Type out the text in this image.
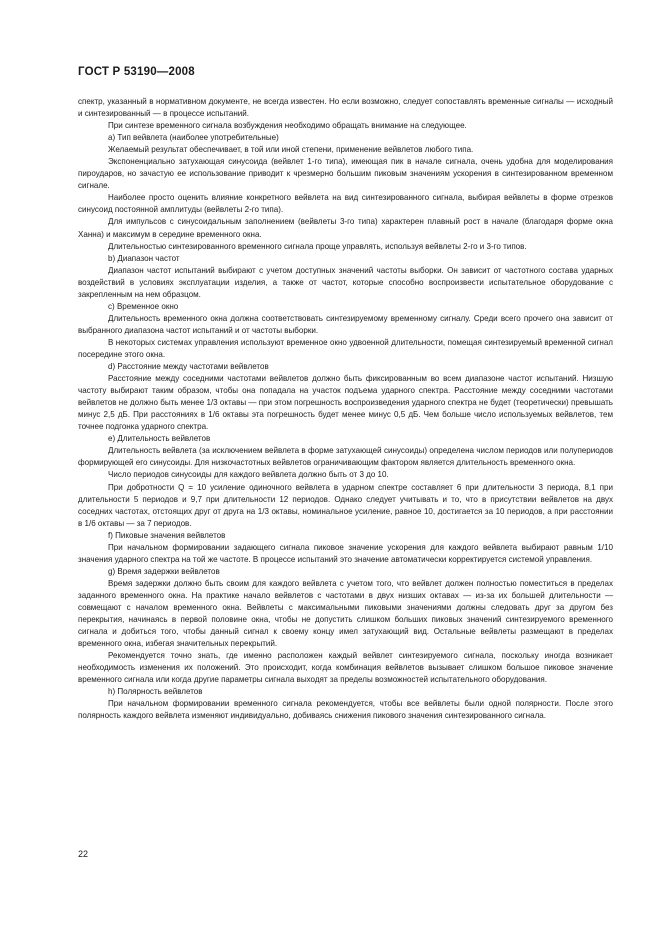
ГОСТ Р 53190—2008

спектр, указанный в нормативном документе, не всегда известен. Но если возможно, следует сопоставлять временные сигналы — исходный и синтезированный — в процессе испытаний.

При синтезе временного сигнала возбуждения необходимо обращать внимание на следующее.

а) Тип вейвлета (наиболее употребительные)

Желаемый результат обеспечивает, в той или иной степени, применение вейвлетов любого типа.

Экспоненциально затухающая синусоида (вейвлет 1-го типа), имеющая пик в начале сигнала, очень удобна для моделирования пироударов, но зачастую ее использование приводит к чрезмерно большим пиковым значениям ускорения в синтезированном временном сигнале.

Наиболее просто оценить влияние конкретного вейвлета на вид синтезированного сигнала, выбирая вейвлеты в форме отрезков синусоид постоянной амплитуды (вейвлеты 2-го типа).

Для импульсов с синусоидальным заполнением (вейвлеты 3-го типа) характерен плавный рост в начале (благодаря форме окна Ханна) и максимум в середине временного окна.

Длительностью синтезированного временного сигнала проще управлять, используя вейвлеты 2-го и 3-го типов.

b) Диапазон частот

Диапазон частот испытаний выбирают с учетом доступных значений частоты выборки. Он зависит от частотного состава ударных воздействий в условиях эксплуатации изделия, а также от частот, которые способно воспроизвести испытательное оборудование с закрепленным на нем образцом.

с) Временное окно

Длительность временного окна должна соответствовать синтезируемому временному сигналу. Среди всего прочего она зависит от выбранного диапазона частот испытаний и от частоты выборки.

В некоторых системах управления используют временное окно удвоенной длительности, помещая синтезируемый временной сигнал посередине этого окна.

d) Расстояние между частотами вейвлетов

Расстояние между соседними частотами вейвлетов должно быть фиксированным во всем диапазоне частот испытаний. Низшую частоту выбирают таким образом, чтобы она попадала на участок подъема ударного спектра. Расстояние между соседними частотами вейвлетов не должно быть менее 1/3 октавы — при этом погрешность воспроизведения ударного спектра не будет (теоретически) превышать минус 2,5 дБ. При расстояниях в 1/6 октавы эта погрешность будет менее минус 0,5 дБ. Чем больше число используемых вейвлетов, тем точнее подгонка ударного спектра.

е) Длительность вейвлетов

Длительность вейвлета (за исключением вейвлета в форме затухающей синусоиды) определена числом периодов или полупериодов формирующей его синусоиды. Для низкочастотных вейвлетов ограничивающим фактором является длительность временного окна.

Число периодов синусоиды для каждого вейвлета должно быть от 3 до 10.

При добротности Q = 10 усиление одиночного вейвлета в ударном спектре составляет 6 при длительности 3 периода, 8,1 при длительности 5 периодов и 9,7 при длительности 12 периодов. Однако следует учитывать и то, что в присутствии вейвлетов на двух соседних частотах, отстоящих друг от друга на 1/3 октавы, номинальное усиление, равное 10, достигается за 10 периодов, а при расстоянии в 1/6 октавы — за 7 периодов.

f) Пиковые значения вейвлетов

При начальном формировании задающего сигнала пиковое значение ускорения для каждого вейвлета выбирают равным 1/10 значения ударного спектра на той же частоте. В процессе испытаний это значение автоматически корректируется системой управления.

g) Время задержки вейвлетов

Время задержки должно быть своим для каждого вейвлета с учетом того, что вейвлет должен полностью поместиться в пределах заданного временного окна. На практике начало вейвлетов с частотами в двух низших октавах — из-за их большей длительности — совмещают с началом временного окна. Вейвлеты с максимальными пиковыми значениями должны следовать друг за другом без перекрытия, начинаясь в первой половине окна, чтобы не допустить слишком больших пиковых значений синтезируемого временного сигнала и добиться того, чтобы данный сигнал к своему концу имел затухающий вид. Остальные вейвлеты размещают в пределах временного окна, избегая значительных перекрытий.

Рекомендуется точно знать, где именно расположен каждый вейвлет синтезируемого сигнала, поскольку иногда возникает необходимость изменения их положений. Это происходит, когда комбинация вейвлетов вызывает слишком большое пиковое значение временного сигнала или когда другие параметры сигнала выходят за пределы возможностей испытательного оборудования.

h) Полярность вейвлетов

При начальном формировании временного сигнала рекомендуется, чтобы все вейвлеты были одной полярности. После этого полярность каждого вейвлета изменяют индивидуально, добиваясь снижения пикового значения синтезированного сигнала.

22
